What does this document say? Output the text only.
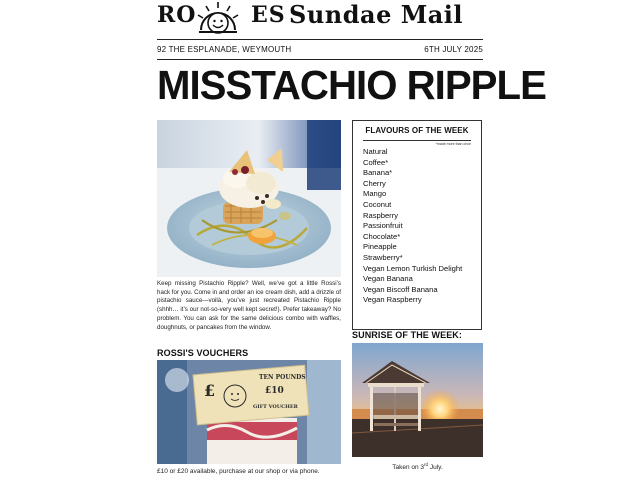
RO ES Sundae Mail
92 THE ESPLANADE, WEYMOUTH	6TH JULY 2025
MISSTACHIO RIPPLE

Keep missing Pistachio Ripple? Well, we’ve got a little Rossi’s hack for you. Come in and order an ice cream dish, add a drizzle of pistachio sauce—voilà, you’ve just recreated Pistachio Ripple (shhh… it’s our not-so-very well kept secret!). Prefer takeaway? No problem. You can ask for the same delicious combo with waffles, doughnuts, or pancakes from the window.

ROSSI'S VOUCHERS
£
TEN POUNDS
£10
GIFT VOUCHER
£10 or £20 available, purchase at our shop or via phone.
FLAVOURS OF THE WEEK
*made more than once
Natural
Coffee*
Banana*
Cherry
Mango
Coconut
Raspberry
Passionfruit
Chocolate*
Pineapple
Strawberry*
Vegan Lemon Turkish Delight
Vegan Banana
Vegan Biscoff Banana
Vegan Raspberry
SUNRISE OF THE WEEK:
Taken on 3rd July.
